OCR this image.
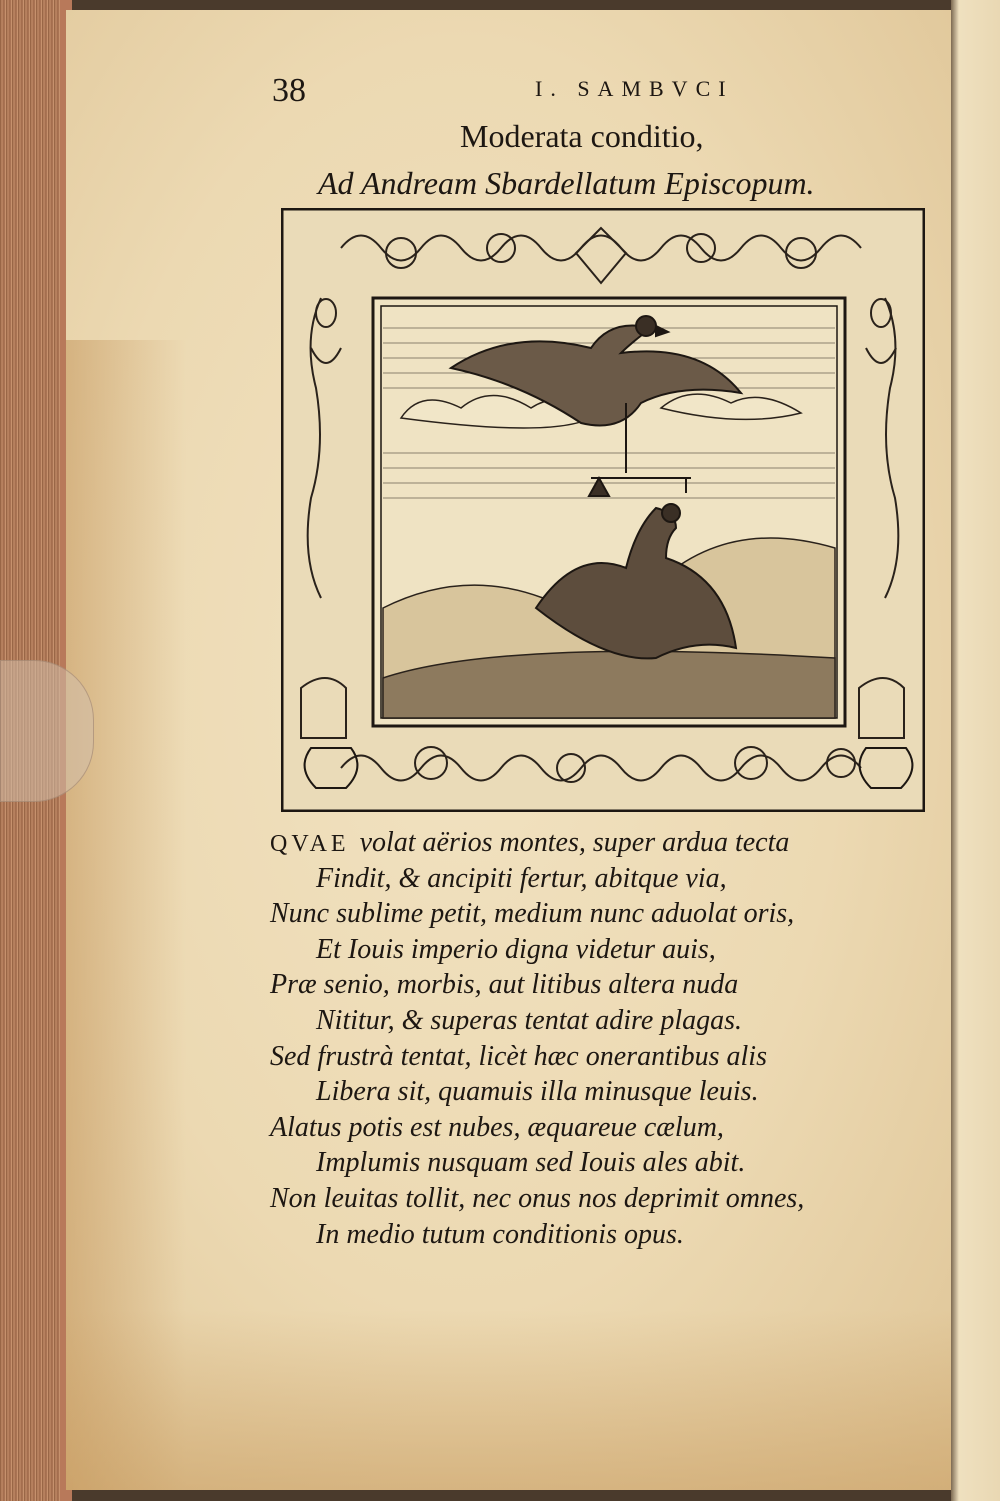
38	I. SAMBVCI
Moderata conditio,
Ad Andream Sbardellatum Episcopum.
QVAE volat aërios montes, super ardua tecta
Findit, & ancipiti fertur, abitque via,
Nunc sublime petit, medium nunc aduolat oris,
Et Iouis imperio digna videtur auis,
Præ senio, morbis, aut litibus altera nuda
Nititur, & superas tentat adire plagas.
Sed frustrà tentat, licèt hæc onerantibus alis
Libera sit, quamuis illa minusque leuis.
Alatus potis est nubes, æquareue cælum,
Implumis nusquam sed Iouis ales abit.
Non leuitas tollit, nec onus nos deprimit omnes,
In medio tutum conditionis opus.
